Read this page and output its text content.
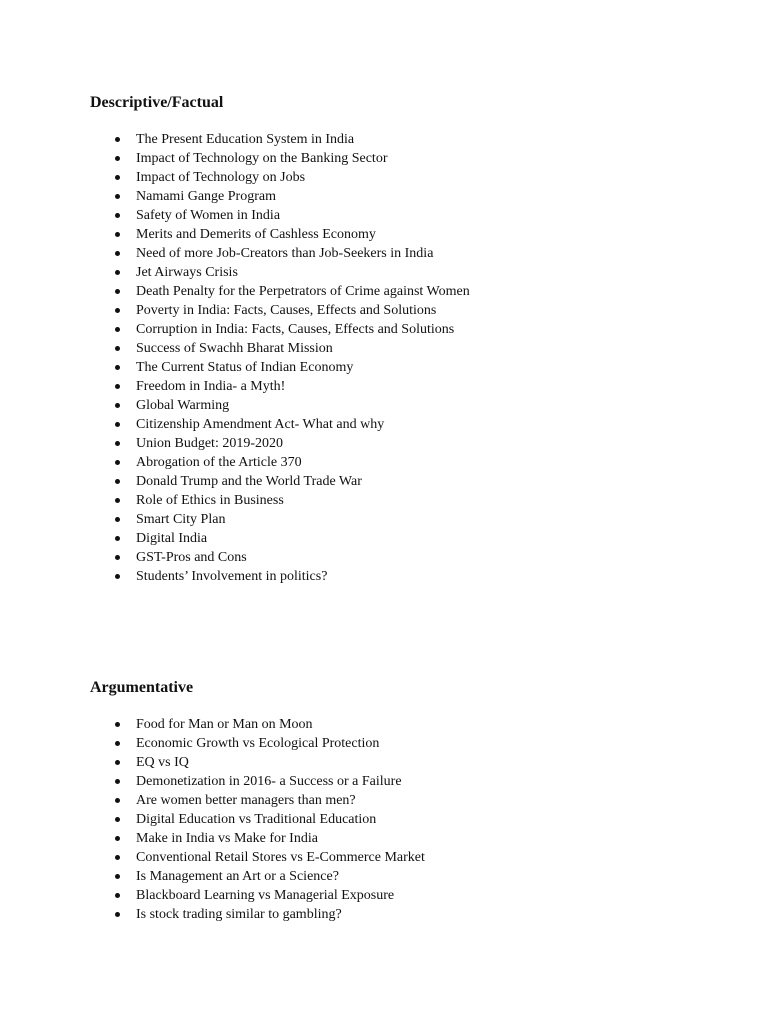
Descriptive/Factual
The Present Education System in India
Impact of Technology on the Banking Sector
Impact of Technology on Jobs
Namami Gange Program
Safety of Women in India
Merits and Demerits of Cashless Economy
Need of more Job-Creators than Job-Seekers in India
Jet Airways Crisis
Death Penalty for the Perpetrators of Crime against Women
Poverty in India: Facts, Causes, Effects and Solutions
Corruption in India: Facts, Causes, Effects and Solutions
Success of Swachh Bharat Mission
The Current Status of Indian Economy
Freedom in India- a Myth!
Global Warming
Citizenship Amendment Act- What and why
Union Budget: 2019-2020
Abrogation of the Article 370
Donald Trump and the World Trade War
Role of Ethics in Business
Smart City Plan
Digital India
GST-Pros and Cons
Students’ Involvement in politics?
Argumentative
Food for Man or Man on Moon
Economic Growth vs Ecological Protection
EQ vs IQ
Demonetization in 2016- a Success or a Failure
Are women better managers than men?
Digital Education vs Traditional Education
Make in India vs Make for India
Conventional Retail Stores vs E-Commerce Market
Is Management an Art or a Science?
Blackboard Learning vs Managerial Exposure
Is stock trading similar to gambling?
